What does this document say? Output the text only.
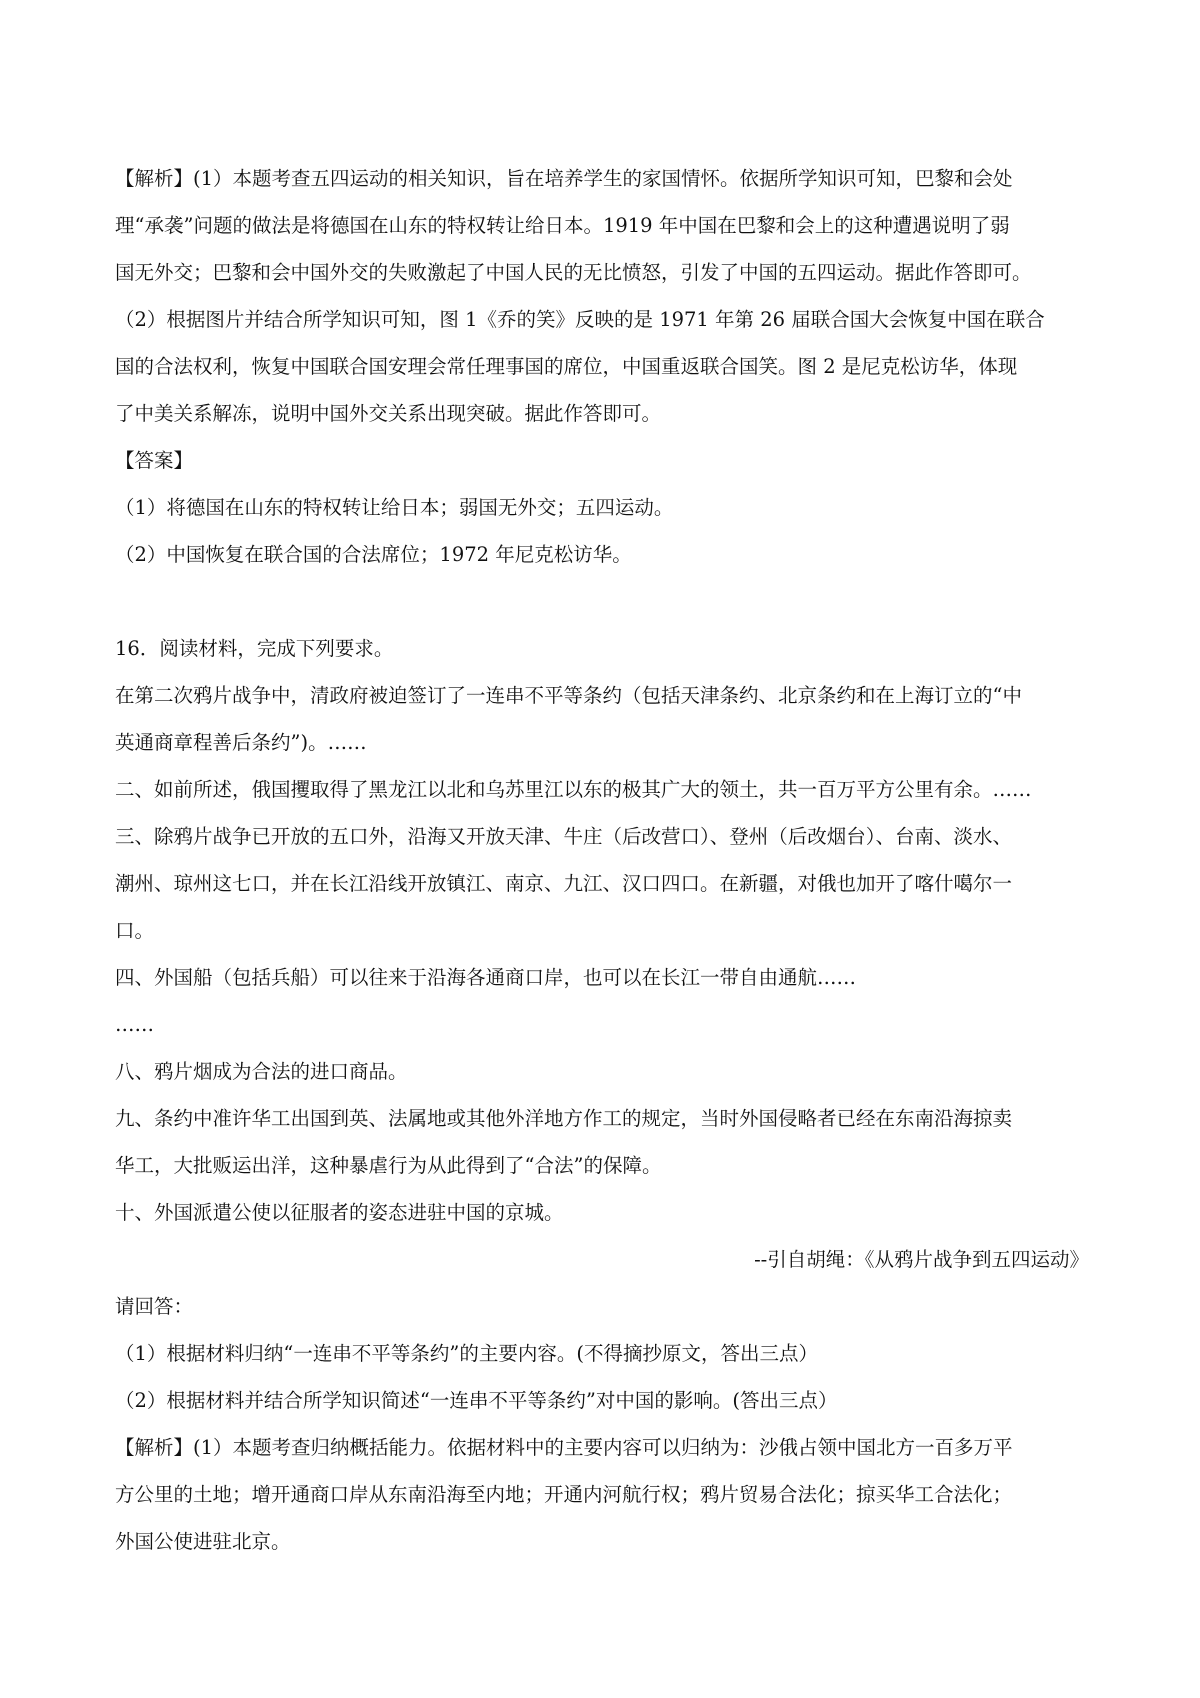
【解析】(1）本题考查五四运动的相关知识，旨在培养学生的家国情怀。依据所学知识可知，巴黎和会处
理“承袭”问题的做法是将德国在山东的特权转让给日本。1919 年中国在巴黎和会上的这种遭遇说明了弱
国无外交；巴黎和会中国外交的失败激起了中国人民的无比愤怒，引发了中国的五四运动。据此作答即可。
（2）根据图片并结合所学知识可知，图 1《乔的笑》反映的是 1971 年第 26 届联合国大会恢复中国在联合
国的合法权利，恢复中国联合国安理会常任理事国的席位，中国重返联合国笑。图 2 是尼克松访华，体现
了中美关系解冻，说明中国外交关系出现突破。据此作答即可。
【答案】
（1）将德国在山东的特权转让给日本；弱国无外交；五四运动。
（2）中国恢复在联合国的合法席位；1972 年尼克松访华。
16．阅读材料，完成下列要求。
在第二次鸦片战争中，清政府被迫签订了一连串不平等条约（包括天津条约、北京条约和在上海订立的“中
英通商章程善后条约”)。……
二、如前所述，俄国攫取得了黑龙江以北和乌苏里江以东的极其广大的领土，共一百万平方公里有余。……
三、除鸦片战争已开放的五口外，沿海又开放天津、牛庄（后改营口）、登州（后改烟台）、台南、淡水、
潮州、琼州这七口，并在长江沿线开放镇江、南京、九江、汉口四口。在新疆，对俄也加开了喀什噶尔一
口。
四、外国船（包括兵船）可以往来于沿海各通商口岸，也可以在长江一带自由通航……
……
八、鸦片烟成为合法的进口商品。
九、条约中准许华工出国到英、法属地或其他外洋地方作工的规定，当时外国侵略者已经在东南沿海掠卖
华工，大批贩运出洋，这种暴虐行为从此得到了“合法”的保障。
十、外国派遣公使以征服者的姿态进驻中国的京城。
--引自胡绳：《从鸦片战争到五四运动》
请回答：
（1）根据材料归纳“一连串不平等条约”的主要内容。(不得摘抄原文，答出三点）
（2）根据材料并结合所学知识简述“一连串不平等条约”对中国的影响。(答出三点）
【解析】(1）本题考查归纳概括能力。依据材料中的主要内容可以归纳为：沙俄占领中国北方一百多万平
方公里的土地；增开通商口岸从东南沿海至内地；开通内河航行权；鸦片贸易合法化；掠买华工合法化；
外国公使进驻北京。
